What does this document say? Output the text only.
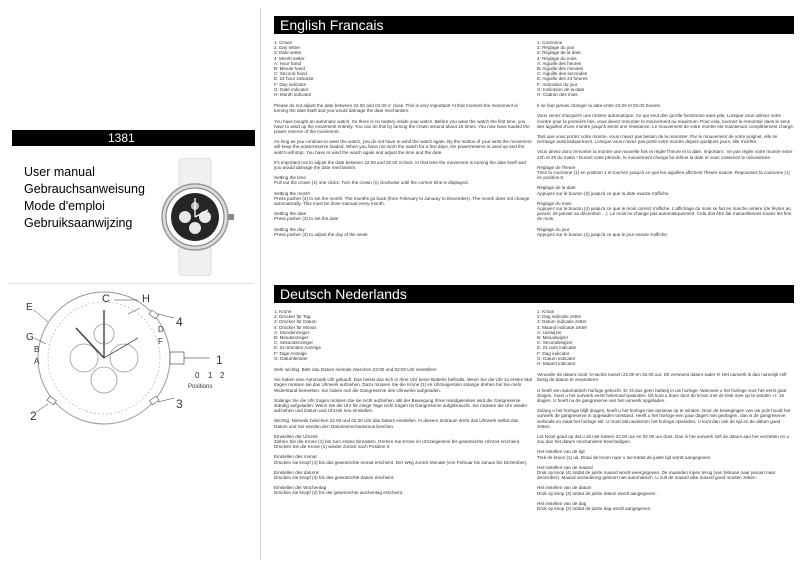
1381
User manual
Gebrauchsanweisung
Mode d'emploi
Gebruiksaanwijzing
C	H
E
G
B
A
D
F
4
3
2
1
0 1 2
Positions
English Francais
1: Crown
2: Day setter
3: Date setter
4: Month setter
A: Hour hand
B: Minute hand
C: Second hand
E: 24 hour indicator
F: Day indicator
G: Date indicator
H: Month indicator

Please do not adjust the date between 22.00 and 02.00 o' clock. This is very important! At that moment the movement is turning the date itself and you would damage the date mechanism.

You have bought an automatic watch. So there is no battery inside your watch. Before you wear the watch the first time, you have to wind up the movement entirely. You can do this by turning the crown around about 15 times. You now have loaded the power reserve of the movement.

As long as you continue to wear the watch, you do not have to wind the watch again. By the motion of your wrist the movement will keep the powerreserve loaded. When you have not worn the watch for a few days, the powerreserve is used up and the watch will stop. You have to wind the watch again and adjust the time and the date.

It's important not to adjust the date between 22.00 and 02.00 o'clock. In that time the movement is turning the date itself and you would damage the date mechanism.

Setting the time
Pull out the crown (1) one clicks. Turn the crown (1) clockwise until the correct time is displayed.

Setting the month
Press pusher (4) to set the month. The months go back (from February to January to December). The month does not change automatically. This must be done manual every month.

Setting the date
Press pusher (3) to set the date

Setting the day
Press pusher (2) to adjust the day of the week

1: Couronne
2: Réglage du jour
3: Réglage de la date
4: Réglage du mois
A: Aiguille des heures
B: Aiguille des minutes
C: Aiguille des secondes
E: Aiguille des 24 heures
F: Indication du jour
G: Indication de la date
H: Cadran des mois

Il ne faut jamais changer la date entre 22.00 et 02.00 heures.

Vous venez d'acquérir une montre automatique. Ce qui veut dire qu'elle fonctionne sans pile. Lorsque vous utilisez votre montre pour la première fois, vous devez remonter le mouvement au maximum. Pour cela, tournez le remontoir dans le sens des aiguilles d'une montre jusqu'à sentir une résistance. Le mouvement de votre montre est maintenant complètement chargé.

Tant que vous portez votre montre, vous n'avez pas besoin de la remonter. Par le mouvement de votre poignet, elle se recharge automatiquement. Lorsque vous n'avez pas porté votre montre depuis quelques jours, elle s'arrête.

Vous devez donc remonter la montre une nouvelle fois et régler l'heure et la date. Important : ne pas régler votre montre entre 22h et 2h du matin ! Durant cette période, le mouvement change lui-même la date et vous casseriez le mécanisme.

Réglage de l'heure
Tirez la couronne (1) en position 1 et tournez jusqu'à ce que les aiguilles affichent l'heure exacte. Repoussez la couronne (1) en position 0.

Réglage de la date
Appuyez sur le bouton (3) jusqu'à ce que la date exacte s'affiche.

Réglage du mois
Appuyez sur le bouton (4) jusqu'à ce que le mois correct s'affiche. L'affichage du mois se fait en marche arrière (de février au janvier, de janvier au décembre ...). Le mois ne change pas automatiquement. Cela doit être fait manuellement toutes les fins de mois.

Réglage du jour
Appuyez sur le bouton (2) jusqu'à ce que le jour exacte s'affiche.

Deutsch Nederlands
1: Krone
2: Drücker für Tag
3: Drücker für Datum
4: Drücker für Monat
A: Stundenzeiger
B: Minutenzeiger
C: Sekundenzeiger
E: 24-Stunden Anzeige
F: Tage Anzeige
G: Datumfenster

Sehr wichtig: Bitte das Datum niemals zwischen 22:00 und 02:00 Uhr einstellen!

Sie haben eine Automatik Uhr gekauft. Das heisst das sich in Ihrer Uhr keine Batterie befindet. Wenn Sie die Uhr zu ersten Mal tragen müssen sie das Uhrwerk aufziehen. Dazu müssen Sie die Krone (1) im Uhrzeigersinn solange drehen bis Sie mehr Widerstand bemerken. Sie haben nun die Gangreserve des Uhrwerks aufgeladen.

Solange Sie die Uhr tragen müssen Sie sie nicht aufziehen. Mit der Bewegung Ihres Handgelenkes wird die Gangreserve ständig aufgeladen. Wenn Sie die Uhr für einige Tage nicht tragen ist Gangreserve aufgebraucht. Sie müssen die Uhr wieder aufziehen und Datum und Uhrzeit neu einstellen.

Wichtig: Niemals zwischen 22.00 und 02.00 Uhr das Datum einstellen. In diesem Zeitraum dreht das Uhrwerk selbst das Datum und Sie würden den Datumsmechanismus brechen.

Einstellen der Uhrzeit
Ziehen Sie die Krone (1) bis zum ersten Einrasten. Drehen Sie Krone im Uhrzeigersinn bis gewünschte Uhrzeit erscheint. Drücken Sie die Krone (1) wieder zurück nach Position 0.

Einstellen des monat
Drücken sie knopf (4) bis das gewünschte monat erscheint. Der Weg zurück Monate (von Februar bis Januar bis Dezember).

Einstellen des datums
Drücken sie knopf (3) bis das gewünschte datum erscheint.

Einstellen der Wochentag
Drücken sie knopf (2) bis der gewünschte wochentag erscheint.

1: Kroon
2: Dag indicatie zetter
3: Datum indicatie zetter
4: Maand indicatie zetter
A: Uurwijzer
B: Minuutwijzer
C: Secondewijzer
E: 24 uurs indicatie
F: Dag indicator
G: Datum indicator
H: Maand indicator

Verander de datum nooit 's-nachts tussen 22.00 en 02.00 uur. Dit verwoest datum-rader !!! Het uurwerk is dan namelijk zelf bezig de datum te veranderen.

U heeft een automatisch horloge gekocht. Er zit dus geen batterij in uw horloge. Wanneer u het horloge voor het eerst gaat dragen, moet u het uurwerk eerst helemaal opwinden. Dit kunt u doen door de kroon met de klok mee op te winden +/- 15 slagen. U heeft nu de gangreserve van het uurwerk opgeladen.

Zolang u het horloge blijft dragen, hoeft u het horloge niet opnieuw op te winden. Door de bewegingen van uw pols houdt het uurwerk de gangreserve in opgeladen toestand. Heeft u het horloge een paar dagen niet gedragen, dan is de gangreserve verbruikt en staat het horloge stil. U moet dan wederom het horloge opwinden. U kunt dan ook de tijd en de datum goed zetten.

Let Nooit goed op dat u dit niet tussen 22.00 uur en 02.00 uur doet. Dan is het uurwerk zelf de datum aan het verzetten en u zou dan het datum mechanisme beschadigen.

Het instellen van de tijd
Trek de kroon (1) uit. Draai de kroon naar u toe totdat de juiste tijd wordt aangegeven.

Het instellen van de maand
Druk op knop (4) totdat de juiste maand wordt weergegeven. De maanden lopen terug (van februari naar januari naar december). Maand verandering gebeurt niet automatisch. U zult de maand elke maand goed moeten zetten.

Het instellen van de datum
Druk op knop (3) totdat de juiste datum wordt aangegeven.

Het instellen van de dag
Druk op knop (2) totdat de juiste dag wordt aangegeven.
